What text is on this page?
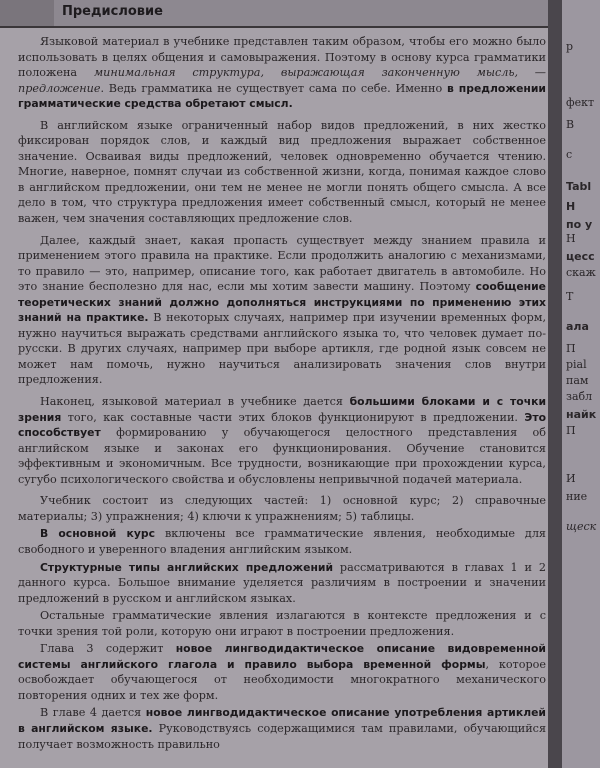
Предисловие

Языковой материал в учебнике представлен таким образом, чтобы его можно было использовать в целях общения и самовыражения. Поэтому в основу курса грамматики положена минимальная структура, выражающая законченную мысль, — предложение. Ведь грамматика не существует сама по себе. Именно в предложении грамматические средства обретают смысл.

В английском языке ограниченный набор видов предложений, в них жестко фиксирован порядок слов, и каждый вид предложения выражает собственное значение. Осваивая виды предложений, человек одновременно обучается чтению. Многие, наверное, помнят случаи из собственной жизни, когда, понимая каждое слово в английском предложении, они тем не менее не могли понять общего смысла. А все дело в том, что структура предложения имеет собственный смысл, который не менее важен, чем значения составляющих предложение слов.

Далее, каждый знает, какая пропасть существует между знанием правила и применением этого правила на практике. Если продолжить аналогию с механизмами, то правило — это, например, описание того, как работает двигатель в автомобиле. Но это знание бесполезно для нас, если мы хотим завести машину. Поэтому сообщение теоретических знаний должно дополняться инструкциями по применению этих знаний на практике. В некоторых случаях, например при изучении временных форм, нужно научиться выражать средствами английского языка то, что человек думает по-русски. В других случаях, например при выборе артикля, где родной язык совсем не может нам помочь, нужно научиться анализировать значения слов внутри предложения.

Наконец, языковой материал в учебнике дается большими блоками и с точки зрения того, как составные части этих блоков функционируют в предложении. Это способствует формированию у обучающегося целостного представления об английском языке и законах его функционирования. Обучение становится эффективным и экономичным. Все трудности, возникающие при прохождении курса, сугубо психологического свойства и обусловлены непривычной подачей материала.

Учебник состоит из следующих частей: 1) основной курс; 2) справочные материалы; 3) упражнения; 4) ключи к упражнениям; 5) таблицы.

В основной курс включены все грамматические явления, необходимые для свободного и уверенного владения английским языком.

Структурные типы английских предложений рассматриваются в главах 1 и 2 данного курса. Большое внимание уделяется различиям в построении и значении предложений в русском и английском языках.

Остальные грамматические явления излагаются в контексте предложения и с точки зрения той роли, которую они играют в построении предложения.

Глава 3 содержит новое лингводидактическое описание видовременной системы английского глагола и правило выбора временной формы, которое освобождает обучающегося от необходимости многократного механического повторения одних и тех же форм.

В главе 4 дается новое лингводидактическое описание употребления артиклей в английском языке. Руководствуясь содержащимися там правилами, обучающийся получает возможность правильно

р
фект
В
с
Tabl
Н
по у
Н
цесс
скаж
Т
ала
П
рial
пам
забл
найк
П
И
ние
щеск
